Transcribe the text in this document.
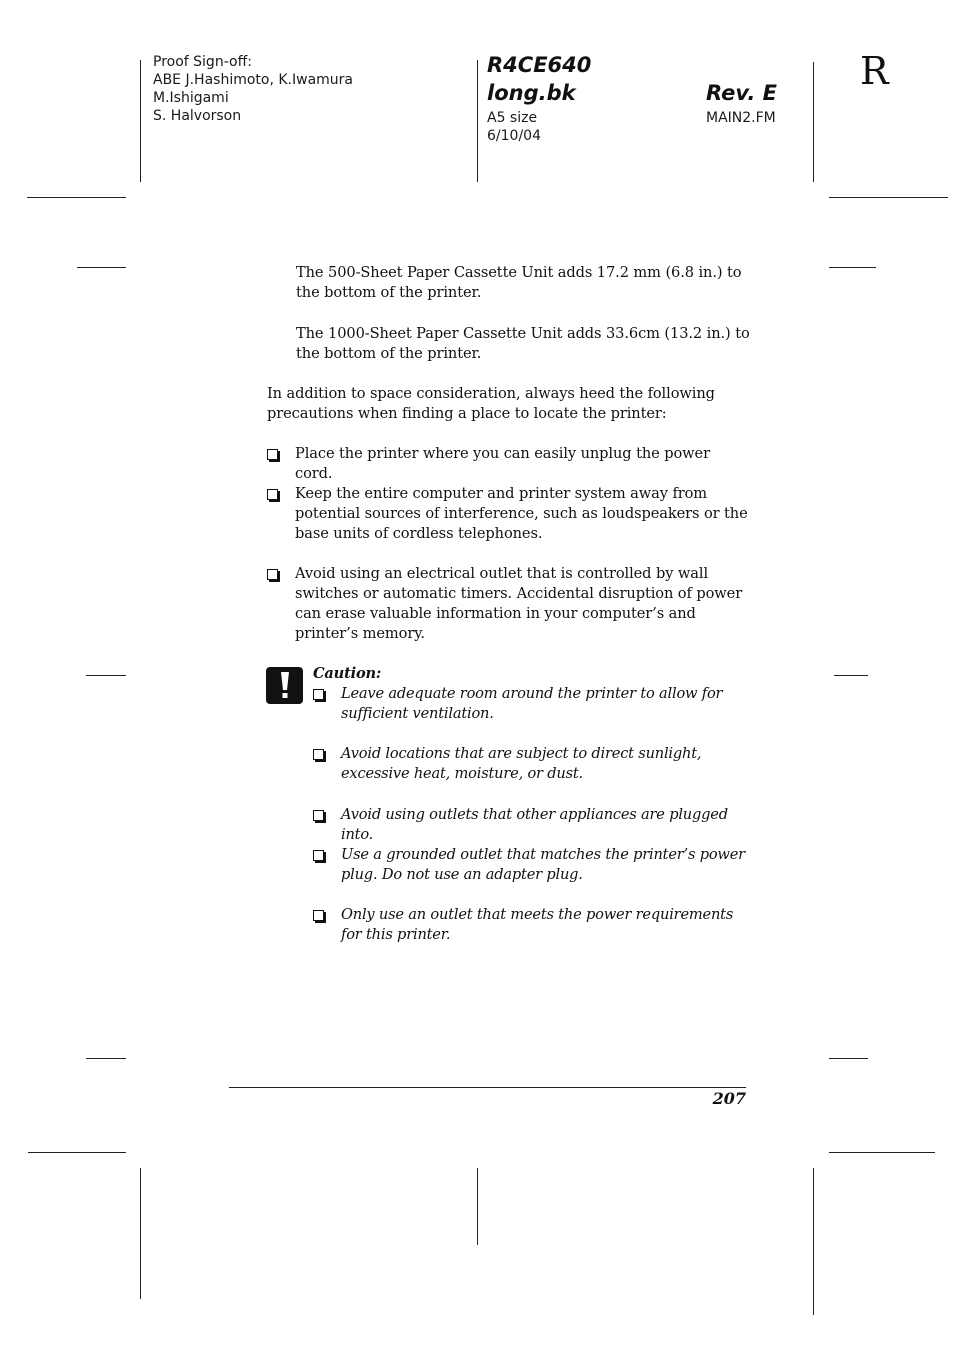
Proof Sign-off:
ABE J.Hashimoto, K.Iwamura
M.Ishigami
S. Halvorson
R4CE640
long.bk
A5 size
6/10/04
Rev. E
MAIN2.FM
R

The 500-Sheet Paper Cassette Unit adds 17.2 mm (6.8 in.) to the bottom of the printer.

The 1000-Sheet Paper Cassette Unit adds 33.6cm (13.2 in.) to the bottom of the printer.

In addition to space consideration, always heed the following precautions when finding a place to locate the printer:

Place the printer where you can easily unplug the power cord.
Keep the entire computer and printer system away from potential sources of interference, such as loudspeakers or the base units of cordless telephones.
Avoid using an electrical outlet that is controlled by wall switches or automatic timers. Accidental disruption of power can erase valuable information in your computer’s and printer’s memory.
Caution:
Leave adequate room around the printer to allow for sufficient ventilation.
Avoid locations that are subject to direct sunlight, excessive heat, moisture, or dust.
Avoid using outlets that other appliances are plugged into.
Use a grounded outlet that matches the printer’s power plug. Do not use an adapter plug.
Only use an outlet that meets the power requirements for this printer.
207
